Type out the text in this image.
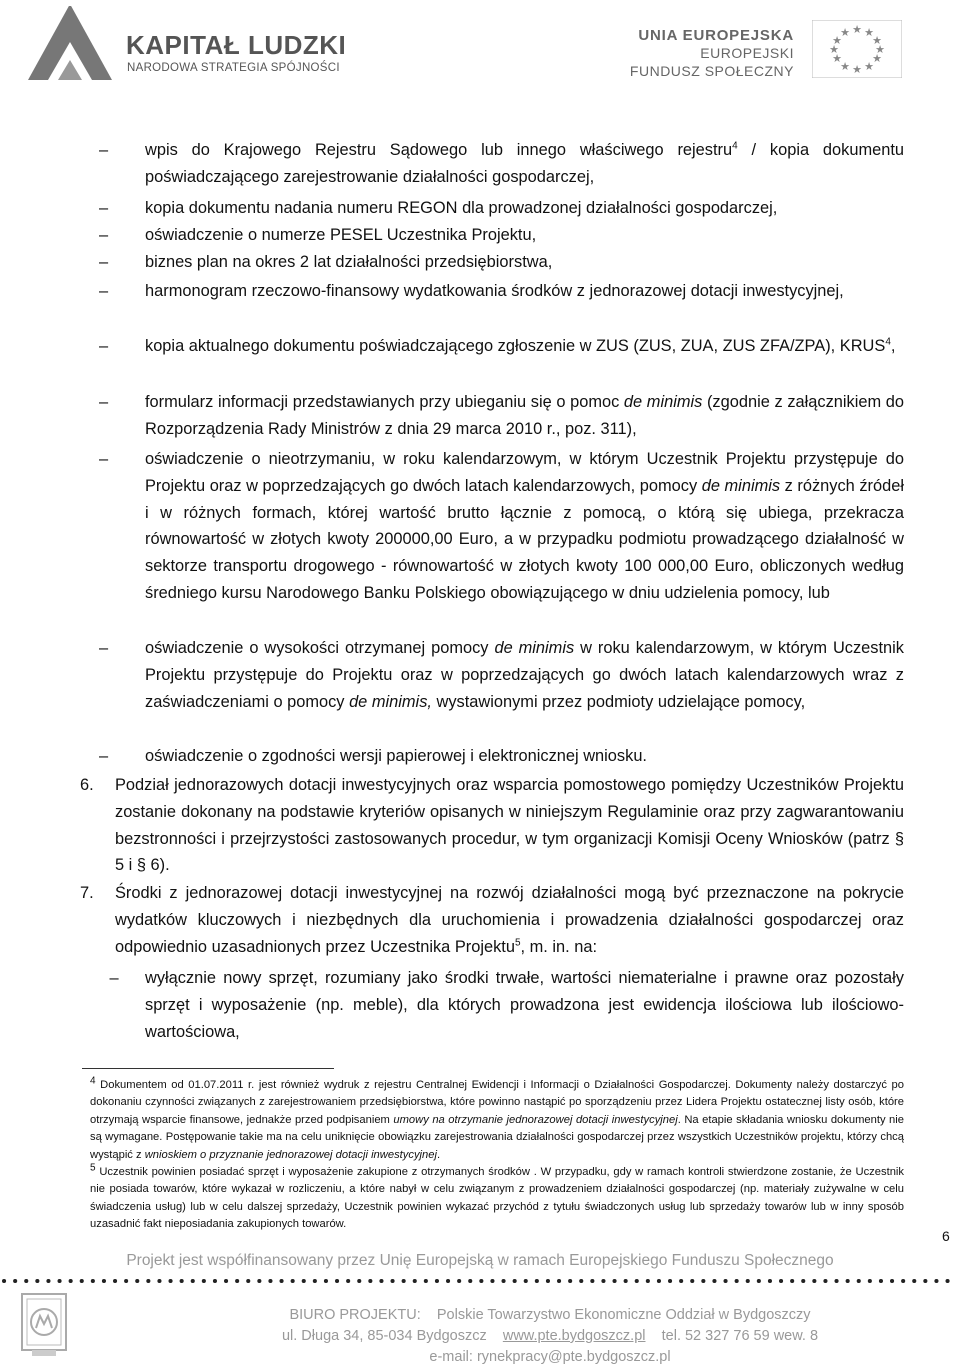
KAPITAŁ LUDZKI
NARODOWA STRATEGIA SPÓJNOŚCI
UNIA EUROPEJSKA
EUROPEJSKI
FUNDUSZ SPOŁECZNY
★ ★
★
★
★
★
★
★
★
★
★
★
–	wpis do Krajowego Rejestru Sądowego lub innego właściwego rejestru$^4$ / kopia dokumentu poświadczającego zarejestrowanie działalności gospodarczej,
–	kopia dokumentu nadania numeru REGON dla prowadzonej działalności gospodarczej,
–	oświadczenie o numerze PESEL Uczestnika Projektu,
–	biznes plan na okres 2 lat działalności przedsiębiorstwa,
–	harmonogram rzeczowo-finansowy wydatkowania środków z jednorazowej dotacji inwestycyjnej,
–	kopia aktualnego dokumentu poświadczającego zgłoszenie w ZUS (ZUS, ZUA, ZUS ZFA/ZPA), KRUS$^4$,
–	formularz informacji przedstawianych przy ubieganiu się o pomoc de minimis (zgodnie z załącznikiem do Rozporządzenia Rady Ministrów z dnia 29 marca 2010 r., poz. 311),
–	oświadczenie o nieotrzymaniu, w roku kalendarzowym, w którym Uczestnik Projektu przystępuje do Projektu oraz w poprzedzających go dwóch latach kalendarzowych, pomocy de minimis z różnych źródeł i w różnych formach, której wartość brutto łącznie z pomocą, o którą się ubiega, przekracza równowartość w złotych kwoty 200000,00 Euro, a w przypadku podmiotu prowadzącego działalność w sektorze transportu drogowego - równowartość w złotych kwoty 100 000,00 Euro, obliczonych według średniego kursu Narodowego Banku Polskiego obowiązującego w dniu udzielenia pomocy, lub
–	oświadczenie o wysokości otrzymanej pomocy de minimis w roku kalendarzowym, w którym Uczestnik Projektu przystępuje do Projektu oraz w poprzedzających go dwóch latach kalendarzowych wraz z zaświadczeniami o pomocy de minimis, wystawionymi przez podmioty udzielające pomocy,
–	oświadczenie o zgodności wersji papierowej i elektronicznej wniosku.
6. Podział jednorazowych dotacji inwestycyjnych oraz wsparcia pomostowego pomiędzy Uczestników Projektu zostanie dokonany na podstawie kryteriów opisanych w niniejszym Regulaminie oraz przy zagwarantowaniu bezstronności i przejrzystości zastosowanych procedur, w tym organizacji Komisji Oceny Wniosków (patrz § 5 i § 6).
7. Środki z jednorazowej dotacji inwestycyjnej na rozwój działalności mogą być przeznaczone na pokrycie wydatków kluczowych i niezbędnych dla uruchomienia i prowadzenia działalności gospodarczej oraz odpowiednio uzasadnionych przez Uczestnika Projektu$^5$, m. in. na:
–	wyłącznie nowy sprzęt, rozumiany jako środki trwałe, wartości niematerialne i prawne oraz pozostały sprzęt i wyposażenie (np. meble), dla których prowadzona jest ewidencja ilościowa lub ilościowo-wartościowa,

4 Dokumentem od 01.07.2011 r. jest również wydruk z rejestru Centralnej Ewidencji i Informacji o Działalności Gospodarczej. Dokumenty należy dostarczyć po dokonaniu czynności związanych z zarejestrowaniem przedsiębiorstwa, które powinno nastąpić po sporządzeniu przez Lidera Projektu ostatecznej listy osób, które otrzymają wsparcie finansowe, jednakże przed podpisaniem umowy na otrzymanie jednorazowej dotacji inwestycyjnej. Na etapie składania wniosku dokumenty nie są wymagane. Postępowanie takie ma na celu uniknięcie obowiązku zarejestrowania działalności gospodarczej przez wszystkich Uczestników projektu, którzy chcą wystąpić z wnioskiem o przyznanie jednorazowej dotacji inwestycyjnej.

5 Uczestnik powinien posiadać sprzęt i wyposażenie zakupione z otrzymanych środków . W przypadku, gdy w ramach kontroli stwierdzone zostanie, że Uczestnik nie posiada towarów, które wykazał w rozliczeniu, a które nabył w celu związanym z prowadzeniem działalności gospodarczej (np. materiały zużywalne w celu świadczenia usług) lub w celu dalszej sprzedaży, Uczestnik powinien wykazać przychód z tytułu świadczonych usług lub sprzedaży towarów lub w inny sposób uzasadnić fakt nieposiadania zakupionych towarów.

6
Projekt jest współfinansowany przez Unię Europejską w ramach Europejskiego Funduszu Społecznego
BIURO PROJEKTU: Polskie Towarzystwo Ekonomiczne Oddział w Bydgoszczy
ul. Długa 34, 85-034 Bydgoszcz www.pte.bydgoszcz.pl tel. 52 327 76 59 wew. 8
e-mail: rynekpracy@pte.bydgoszcz.pl
